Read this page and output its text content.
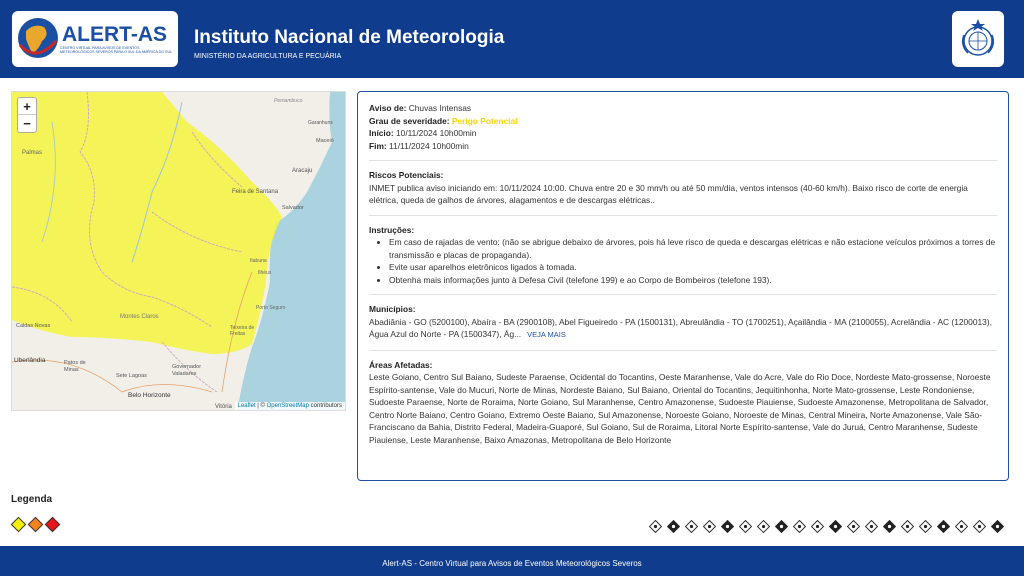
ALERT-AS
CENTRO VIRTUAL PARA AVISOS DE EVENTOS METEOROLÓGICOS SEVEROS PARA O SUL DA AMÉRICA DO SUL
Instituto Nacional de Meteorologia
MINISTÉRIO DA AGRICULTURA E PECUÁRIA
Palmas
Feira de Santana
Aracaju
Montes Claros
Uberlândia
Belo Horizonte
Governador Valadares
Vitória
Patos de Minas
Sete Lagoas
Caldas Novas
Itabuna
Ilhéus
Porto Seguro
Teixeira de Freitas
Pernambuco
Garanhuns
Maceió
Salvador
+
−
Leaflet | © OpenStreetMap contributors
Aviso de: Chuvas Intensas
Grau de severidade: Perigo Potencial
Início: 10/11/2024 10h00min
Fim: 11/11/2024 10h00min
Riscos Potenciais:
INMET publica aviso iniciando em: 10/11/2024 10:00. Chuva entre 20 e 30 mm/h ou até 50 mm/dia, ventos intensos (40-60 km/h). Baixo risco de corte de energia elétrica, queda de galhos de árvores, alagamentos e de descargas elétricas..
Instruções:
• Em caso de rajadas de vento: (não se abrigue debaixo de árvores, pois há leve risco de queda e descargas elétricas e não estacione veículos próximos a torres de transmissão e placas de propaganda).
• Evite usar aparelhos eletrônicos ligados à tomada.
• Obtenha mais informações junto à Defesa Civil (telefone 199) e ao Corpo de Bombeiros (telefone 193).
Municípios:
Abadiânia - GO (5200100), Abaíra - BA (2900108), Abel Figueiredo - PA (1500131), Abreulândia - TO (1700251), Açailândia - MA (2100055), Acrelândia - AC (1200013), Água Azul do Norte - PA (1500347), Ág... VEJA MAIS
Áreas Afetadas:
Leste Goiano, Centro Sul Baiano, Sudeste Paraense, Ocidental do Tocantins, Oeste Maranhense, Vale do Acre, Vale do Rio Doce, Nordeste Mato-grossense, Noroeste Espírito-santense, Vale do Mucuri, Norte de Minas, Nordeste Baiano, Sul Baiano, Oriental do Tocantins, Jequitinhonha, Norte Mato-grossense, Leste Rondoniense, Sudoeste Paraense, Norte de Roraima, Norte Goiano, Sul Maranhense, Centro Amazonense, Sudoeste Piauiense, Sudoeste Amazonense, Metropolitana de Salvador, Centro Norte Baiano, Centro Goiano, Extremo Oeste Baiano, Sul Amazonense, Noroeste Goiano, Noroeste de Minas, Central Mineira, Norte Amazonense, Vale São-Franciscano da Bahia, Distrito Federal, Madeira-Guaporé, Sul Goiano, Sul de Roraima, Litoral Norte Espírito-santense, Vale do Juruá, Centro Maranhense, Sudeste Piauiense, Leste Maranhense, Baixo Amazonas, Metropolitana de Belo Horizonte
Legenda
Alert-AS - Centro Virtual para Avisos de Eventos Meteorológicos Severos
